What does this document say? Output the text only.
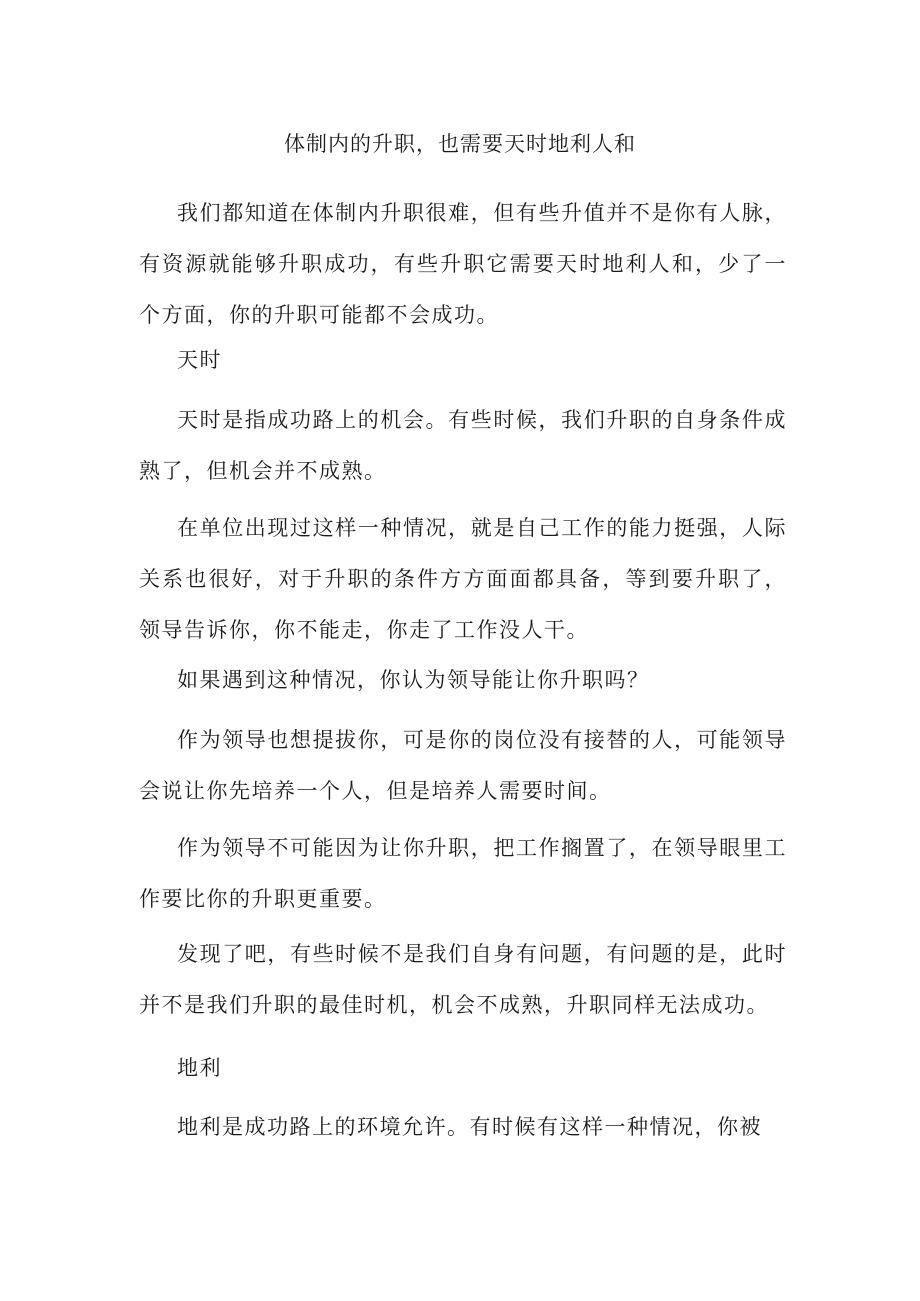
体制内的升职，也需要天时地利人和

我们都知道在体制内升职很难，但有些升值并不是你有人脉，有资源就能够升职成功，有些升职它需要天时地利人和，少了一个方面，你的升职可能都不会成功。

天时

天时是指成功路上的机会。有些时候，我们升职的自身条件成熟了，但机会并不成熟。

在单位出现过这样一种情况，就是自己工作的能力挺强，人际关系也很好，对于升职的条件方方面面都具备，等到要升职了，领导告诉你，你不能走，你走了工作没人干。

如果遇到这种情况，你认为领导能让你升职吗？

作为领导也想提拔你，可是你的岗位没有接替的人，可能领导会说让你先培养一个人，但是培养人需要时间。

作为领导不可能因为让你升职，把工作搁置了，在领导眼里工作要比你的升职更重要。

发现了吧，有些时候不是我们自身有问题，有问题的是，此时并不是我们升职的最佳时机，机会不成熟，升职同样无法成功。

地利

地利是成功路上的环境允许。有时候有这样一种情况，你被
